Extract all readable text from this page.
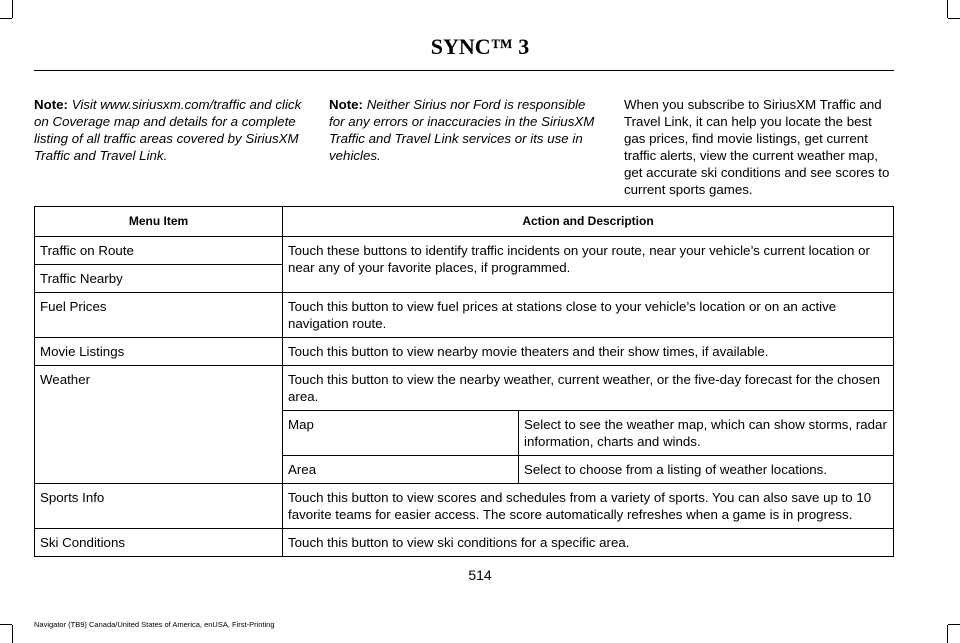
SYNC™ 3
Note: Visit www.siriusxm.com/traffic and click on Coverage map and details for a complete listing of all traffic areas covered by SiriusXM Traffic and Travel Link.
Note: Neither Sirius nor Ford is responsible for any errors or inaccuracies in the SiriusXM Traffic and Travel Link services or its use in vehicles.
When you subscribe to SiriusXM Traffic and Travel Link, it can help you locate the best gas prices, find movie listings, get current traffic alerts, view the current weather map, get accurate ski conditions and see scores to current sports games.
Menu Item	Action and Description
Traffic on Route	Touch these buttons to identify traffic incidents on your route, near your vehicle’s current location or near any of your favorite places, if programmed.
Traffic Nearby
Fuel Prices	Touch this button to view fuel prices at stations close to your vehicle’s location or on an active navigation route.
Movie Listings	Touch this button to view nearby movie theaters and their show times, if available.
Weather	Touch this button to view the nearby weather, current weather, or the five-day forecast for the chosen area.
Map	Select to see the weather map, which can show storms, radar information, charts and winds.
Area	Select to choose from a listing of weather locations.

Sports Info	Touch this button to view scores and schedules from a variety of sports. You can also save up to 10 favorite teams for easier access. The score automatically refreshes when a game is in progress.
Ski Conditions	Touch this button to view ski conditions for a specific area.
514
Navigator (TB9) Canada/United States of America, enUSA, First-Printing
